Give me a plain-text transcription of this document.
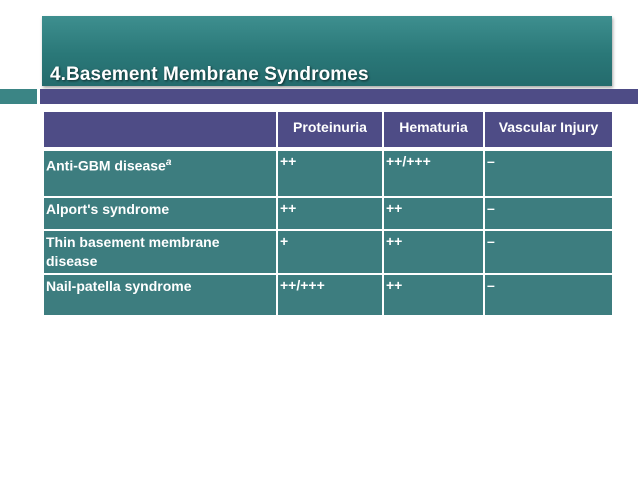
4.Basement Membrane Syndromes
	Proteinuria	Hematuria	Vascular Injury
Anti-GBM disease$^a$	++	++/+++	–
Alport's syndrome	++	++	–
Thin basement membrane disease	+	++	–
Nail-patella syndrome	++/+++	++	–
